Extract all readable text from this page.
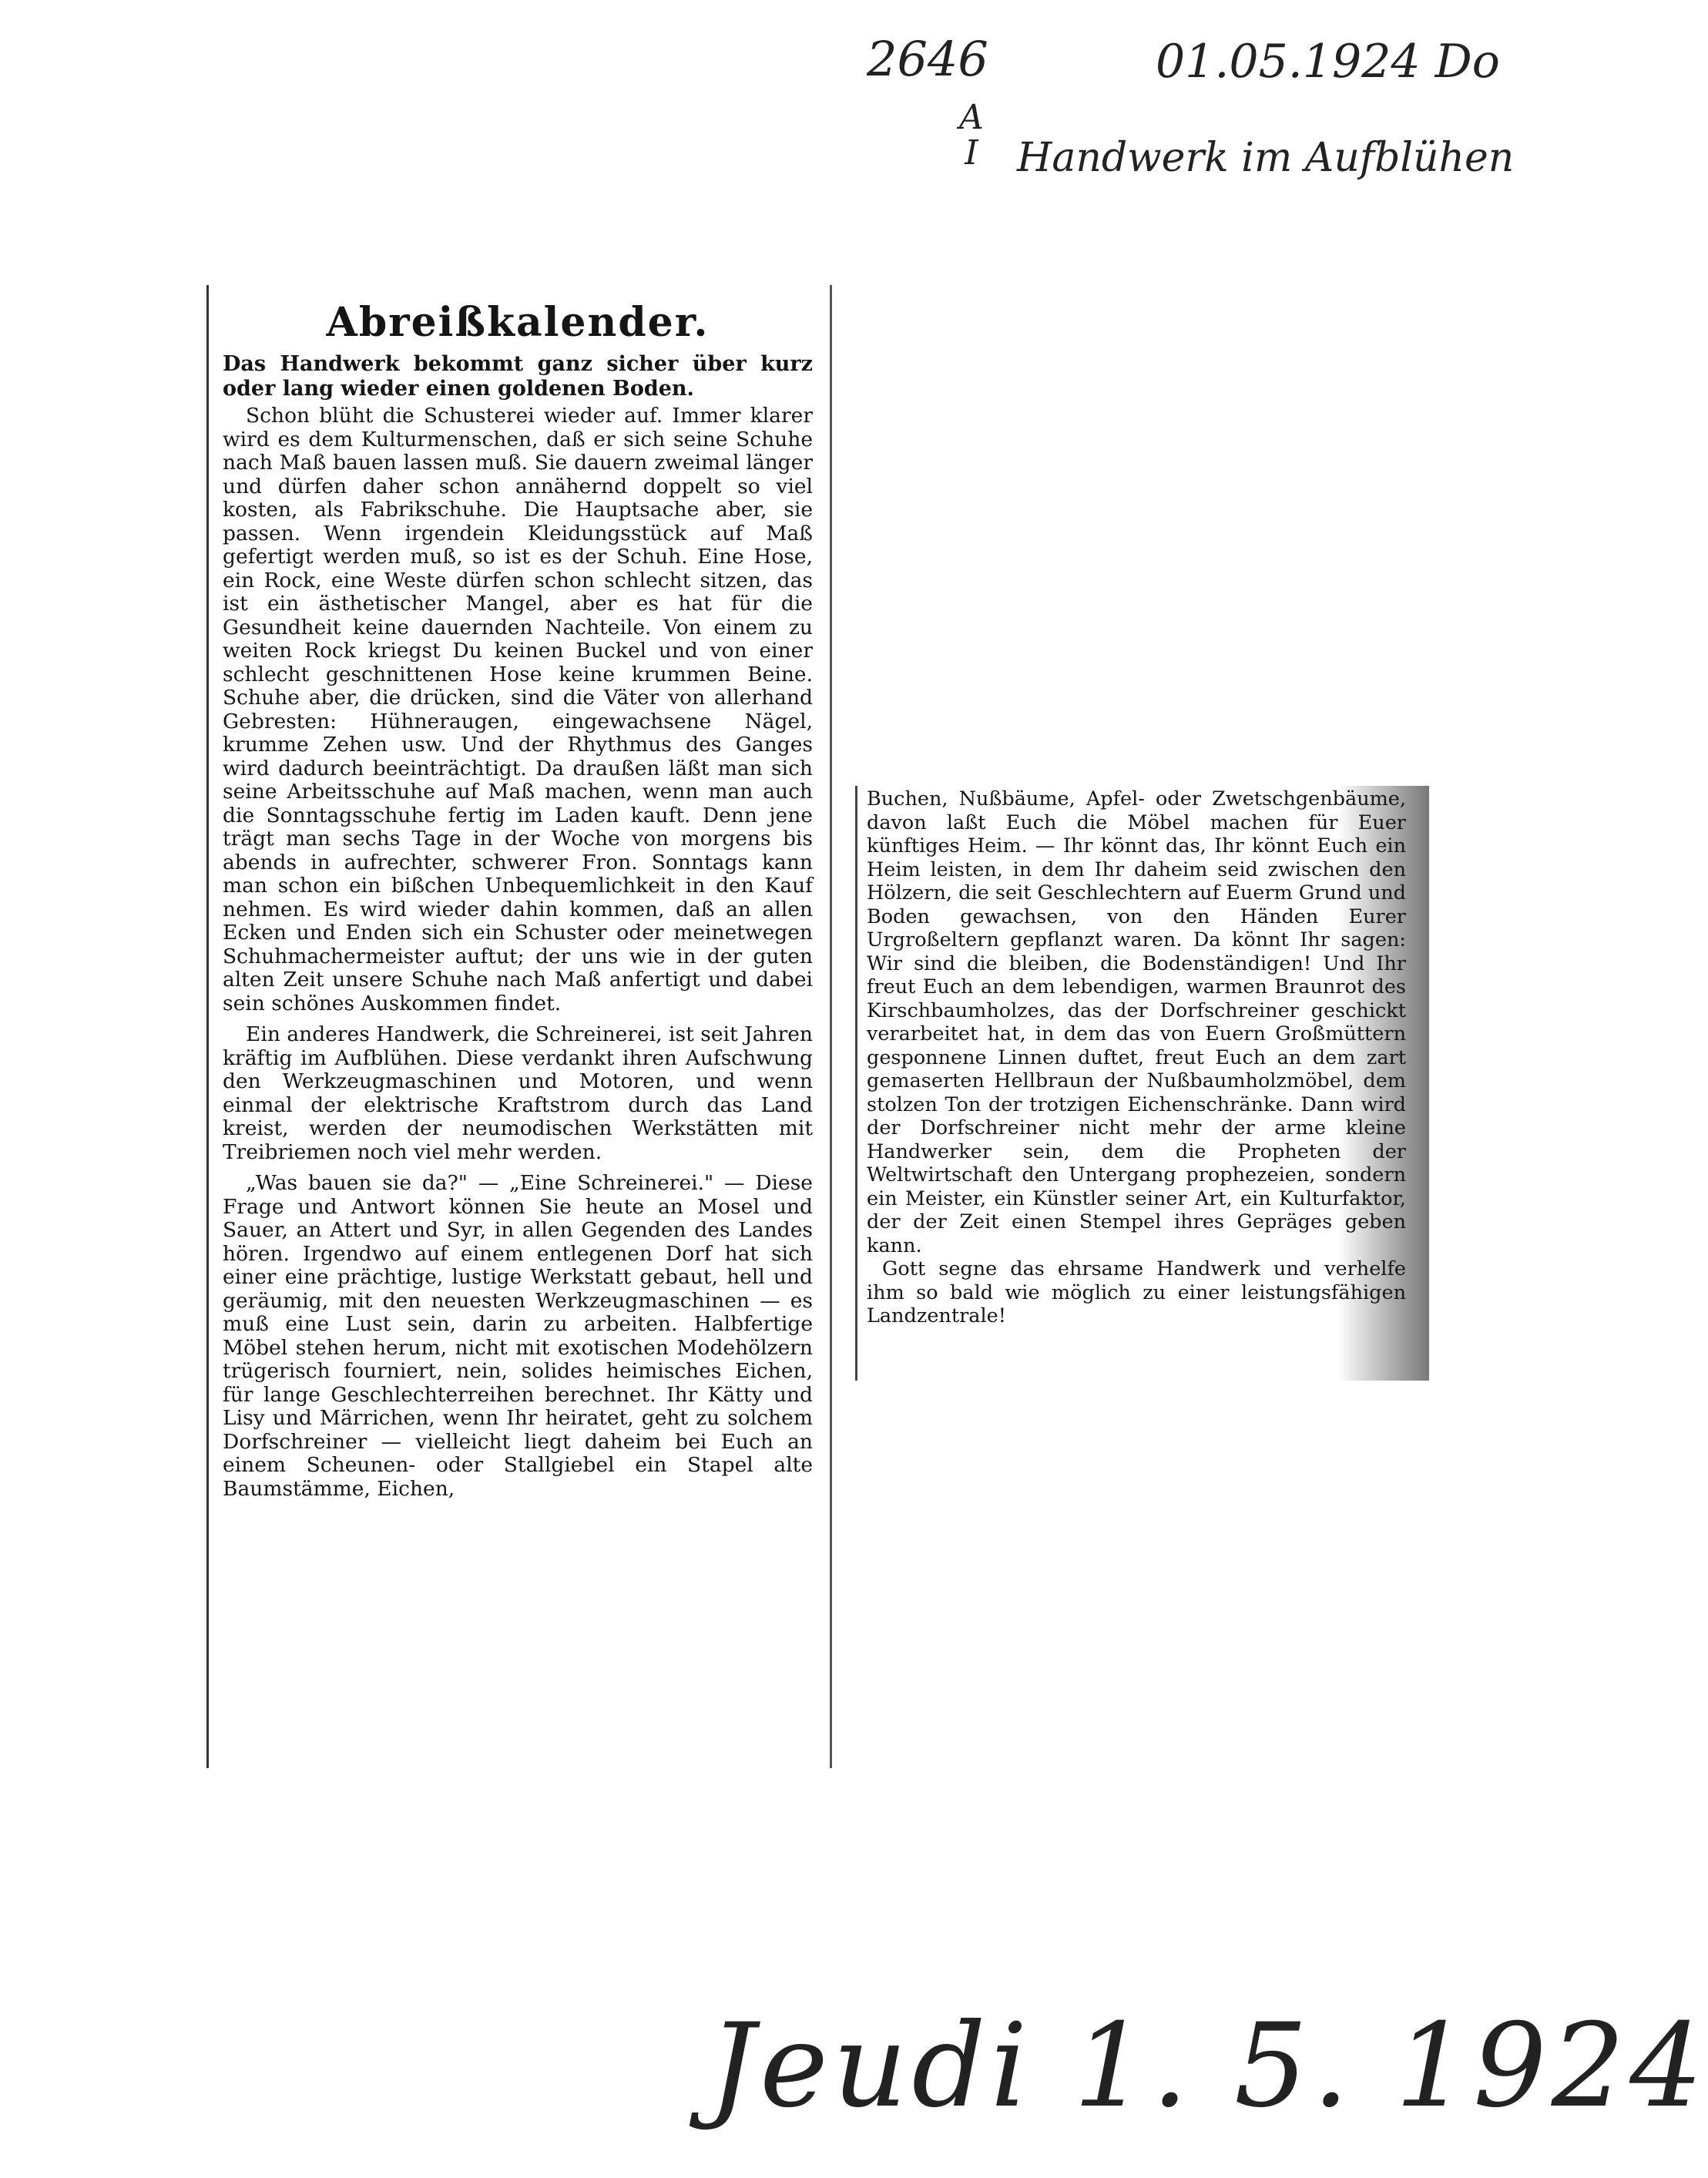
2646	01.05.1924 Do
A
I Handwerk im Aufblühen
Abreißkalender.
Das Handwerk bekommt ganz sicher über kurz oder lang wieder einen goldenen Boden.

Schon blüht die Schusterei wieder auf. Immer klarer wird es dem Kulturmenschen, daß er sich seine Schuhe nach Maß bauen lassen muß. Sie dauern zweimal länger und dürfen daher schon annähernd doppelt so viel kosten, als Fabrikschuhe. Die Hauptsache aber, sie passen. Wenn irgendein Kleidungsstück auf Maß gefertigt werden muß, so ist es der Schuh. Eine Hose, ein Rock, eine Weste dürfen schon schlecht sitzen, das ist ein ästhetischer Mangel, aber es hat für die Gesundheit keine dauernden Nachteile. Von einem zu weiten Rock kriegst Du keinen Buckel und von einer schlecht geschnittenen Hose keine krummen Beine. Schuhe aber, die drücken, sind die Väter von allerhand Gebresten: Hühneraugen, eingewachsene Nägel, krumme Zehen usw. Und der Rhythmus des Ganges wird dadurch beeinträchtigt. Da draußen läßt man sich seine Arbeitsschuhe auf Maß machen, wenn man auch die Sonntagsschuhe fertig im Laden kauft. Denn jene trägt man sechs Tage in der Woche von morgens bis abends in aufrechter, schwerer Fron. Sonntags kann man schon ein bißchen Unbequemlichkeit in den Kauf nehmen. Es wird wieder dahin kommen, daß an allen Ecken und Enden sich ein Schuster oder meinetwegen Schuhmachermeister auftut; der uns wie in der guten alten Zeit unsere Schuhe nach Maß anfertigt und dabei sein schönes Auskommen findet.

Ein anderes Handwerk, die Schreinerei, ist seit Jahren kräftig im Aufblühen. Diese verdankt ihren Aufschwung den Werkzeugmaschinen und Motoren, und wenn einmal der elektrische Kraftstrom durch das Land kreist, werden der neumodischen Werkstätten mit Treibriemen noch viel mehr werden.

„Was bauen sie da?" — „Eine Schreinerei." — Diese Frage und Antwort können Sie heute an Mosel und Sauer, an Attert und Syr, in allen Gegenden des Landes hören. Irgendwo auf einem entlegenen Dorf hat sich einer eine prächtige, lustige Werkstatt gebaut, hell und geräumig, mit den neuesten Werkzeugmaschinen — es muß eine Lust sein, darin zu arbeiten. Halbfertige Möbel stehen herum, nicht mit exotischen Modehölzern trügerisch fourniert, nein, solides heimisches Eichen, für lange Geschlechterreihen berechnet. Ihr Kätty und Lisy und Märrichen, wenn Ihr heiratet, geht zu solchem Dorfschreiner — vielleicht liegt daheim bei Euch an einem Scheunen- oder Stallgiebel ein Stapel alte Baumstämme, Eichen,

Buchen, Nußbäume, Apfel- oder Zwetschgenbäume, davon laßt Euch die Möbel machen für Euer künftiges Heim. — Ihr könnt das, Ihr könnt Euch ein Heim leisten, in dem Ihr daheim seid zwischen den Hölzern, die seit Geschlechtern auf Euerm Grund und Boden gewachsen, von den Händen Eurer Urgroßeltern gepflanzt waren. Da könnt Ihr sagen: Wir sind die bleiben, die Bodenständigen! Und Ihr freut Euch an dem lebendigen, warmen Braunrot des Kirschbaumholzes, das der Dorfschreiner geschickt verarbeitet hat, in dem das von Euern Großmüttern gesponnene Linnen duftet, freut Euch an dem zart gemaserten Hellbraun der Nußbaumholzmöbel, dem stolzen Ton der trotzigen Eichenschränke. Dann wird der Dorfschreiner nicht mehr der arme kleine Handwerker sein, dem die Propheten der Weltwirtschaft den Untergang prophezeien, sondern ein Meister, ein Künstler seiner Art, ein Kulturfaktor, der der Zeit einen Stempel ihres Gepräges geben kann.

Gott segne das ehrsame Handwerk und verhelfe ihm so bald wie möglich zu einer leistungsfähigen Landzentrale!

Jeudi 1. 5. 1924
